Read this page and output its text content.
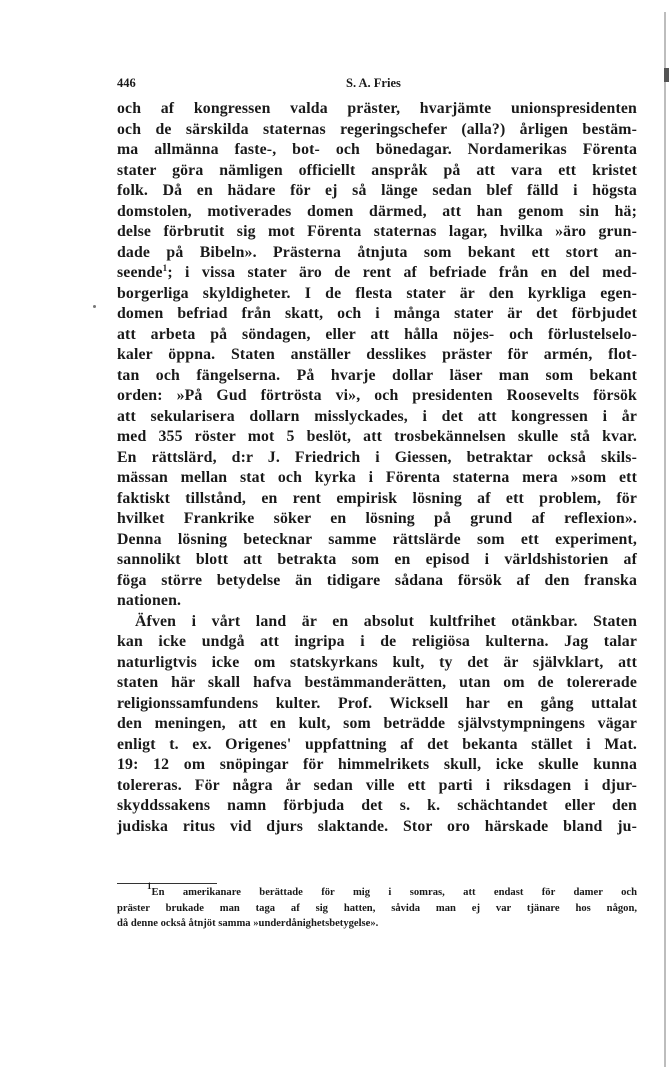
446	S. A. Fries
och af kongressen valda präster, hvarjämte unionspresidenten
och de särskilda staternas regeringschefer (alla?) årligen bestäm-
ma allmänna faste-, bot- och bönedagar. Nordamerikas Förenta
stater göra nämligen officiellt anspråk på att vara ett kristet
folk. Då en hädare för ej så länge sedan blef fälld i högsta
domstolen, motiverades domen därmed, att han genom sin hä;
delse förbrutit sig mot Förenta staternas lagar, hvilka »äro grun-
dade på Bibeln». Prästerna åtnjuta som bekant ett stort an-
seende$^1$; i vissa stater äro de rent af befriade från en del med-
borgerliga skyldigheter. I de flesta stater är den kyrkliga egen-
domen befriad från skatt, och i många stater är det förbjudet
att arbeta på söndagen, eller att hålla nöjes- och förlustelselo-
kaler öppna. Staten anställer desslikes präster för armén, flot-
tan och fängelserna. På hvarje dollar läser man som bekant
orden: »På Gud förtrösta vi», och presidenten Roosevelts försök
att sekularisera dollarn misslyckades, i det att kongressen i år
med 355 röster mot 5 beslöt, att trosbekännelsen skulle stå kvar.
En rättslärd, d:r J. Friedrich i Giessen, betraktar också skils-
mässan mellan stat och kyrka i Förenta staterna mera »som ett
faktiskt tillstånd, en rent empirisk lösning af ett problem, för
hvilket Frankrike söker en lösning på grund af reflexion».
Denna lösning betecknar samme rättslärde som ett experiment,
sannolikt blott att betrakta som en episod i världshistorien af
föga större betydelse än tidigare sådana försök af den franska
nationen.
Äfven i vårt land är en absolut kultfrihet otänkbar. Staten
kan icke undgå att ingripa i de religiösa kulterna. Jag talar
naturligtvis icke om statskyrkans kult, ty det är självklart, att
staten här skall hafva bestämmanderätten, utan om de tolererade
religionssamfundens kulter. Prof. Wicksell har en gång uttalat
den meningen, att en kult, som beträdde självstympningens vägar
enligt t. ex. Origenes' uppfattning af det bekanta stället i Mat.
19: 12 om snöpingar för himmelrikets skull, icke skulle kunna
tolereras. För några år sedan ville ett parti i riksdagen i djur-
skyddssakens namn förbjuda det s. k. schächtandet eller den
judiska ritus vid djurs slaktande. Stor oro härskade bland ju-
$^1$En amerikanare berättade för mig i somras, att endast för damer och
präster brukade man taga af sig hatten, såvida man ej var tjänare hos någon,
då denne också åtnjöt samma »underdånighetsbetygelse».
